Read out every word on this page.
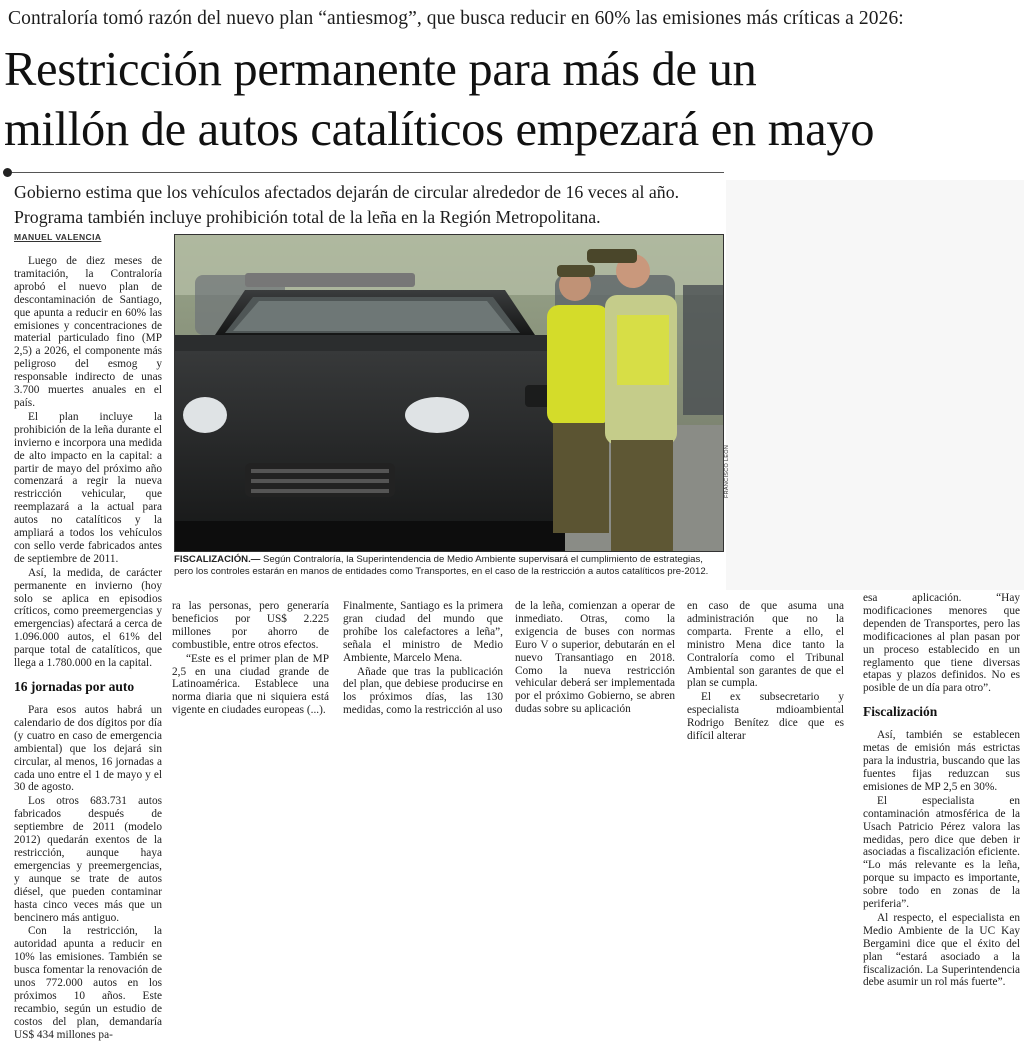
Contraloría tomó razón del nuevo plan “antiesmog”, que busca reducir en 60% las emisiones más críticas a 2026:
Restricción permanente para más de un
millón de autos catalíticos empezará en mayo

Gobierno estima que los vehículos afectados dejarán de circular alrededor de 16 veces al año. Programa también incluye prohibición total de la leña en la Región Metropolitana.

MANUEL VALENCIA

Luego de diez meses de tramitación, la Contraloría aprobó el nuevo plan de descontaminación de Santiago, que apunta a reducir en 60% las emisiones y concentraciones de material particulado fino (MP 2,5) a 2026, el componente más peligroso del esmog y responsable indirecto de unas 3.700 muertes anuales en el país.

El plan incluye la prohibición de la leña durante el invierno e incorpora una medida de alto impacto en la capital: a partir de mayo del próximo año comenzará a regir la nueva restricción vehicular, que reemplazará a la actual para autos no catalíticos y la ampliará a todos los vehículos con sello verde fabricados antes de septiembre de 2011.

Así, la medida, de carácter permanente en invierno (hoy solo se aplica en episodios críticos, como preemergencias y emergencias) afectará a cerca de 1.096.000 autos, el 61% del parque total de catalíticos, que llega a 1.780.000 en la capital.

16 jornadas por auto

Para esos autos habrá un calendario de dos dígitos por día (y cuatro en caso de emergencia ambiental) que los dejará sin circular, al menos, 16 jornadas a cada uno entre el 1 de mayo y el 30 de agosto.

Los otros 683.731 autos fabricados después de septiembre de 2011 (modelo 2012) quedarán exentos de la restricción, aunque haya emergencias y preemergencias, y aunque se trate de autos diésel, que pueden contaminar hasta cinco veces más que un bencinero más antiguo.

Con la restricción, la autoridad apunta a reducir en 10% las emisiones. También se busca fomentar la renovación de unos 772.000 autos en los próximos 10 años. Este recambio, según un estudio de costos del plan, demandaría US$ 434 millones pa-

FRANCISCO LEÓN
FISCALIZACIÓN.— Según Contraloría, la Superintendencia de Medio Ambiente supervisará el cumplimiento de estrategias, pero los controles estarán en manos de entidades como Transportes, en el caso de la restricción a autos catalíticos pre-2012.

ra las personas, pero generaría beneficios por US$ 2.225 millones por ahorro de combustible, entre otros efectos.

“Este es el primer plan de MP 2,5 en una ciudad grande de Latinoamérica. Establece una norma diaria que ni siquiera está vigente en ciudades europeas (...).

Finalmente, Santiago es la primera gran ciudad del mundo que prohíbe los calefactores a leña”, señala el ministro de Medio Ambiente, Marcelo Mena.

Añade que tras la publicación del plan, que debiese producirse en los próximos días, las 130 medidas, como la restricción al uso

de la leña, comienzan a operar de inmediato. Otras, como la exigencia de buses con normas Euro V o superior, debutarán en el nuevo Transantiago en 2018. Como la nueva restricción vehicular deberá ser implementada por el próximo Gobierno, se abren dudas sobre su aplicación

en caso de que asuma una administración que no la comparta. Frente a ello, el ministro Mena dice tanto la Contraloría como el Tribunal Ambiental son garantes de que el plan se cumpla.

El ex subsecretario y especialista mdioambiental Rodrigo Benítez dice que es difícil alterar

esa aplicación. “Hay modificaciones menores que dependen de Transportes, pero las modificaciones al plan pasan por un proceso establecido en un reglamento que tiene diversas etapas y plazos definidos. No es posible de un día para otro”.

Fiscalización

Así, también se establecen metas de emisión más estrictas para la industria, buscando que las fuentes fijas reduzcan sus emisiones de MP 2,5 en 30%.

El especialista en contaminación atmosférica de la Usach Patricio Pérez valora las medidas, pero dice que deben ir asociadas a fiscalización eficiente. “Lo más relevante es la leña, porque su impacto es importante, sobre todo en zonas de la periferia”.

Al respecto, el especialista en Medio Ambiente de la UC Kay Bergamini dice que el éxito del plan “estará asociado a la fiscalización. La Superintendencia debe asumir un rol más fuerte”.
